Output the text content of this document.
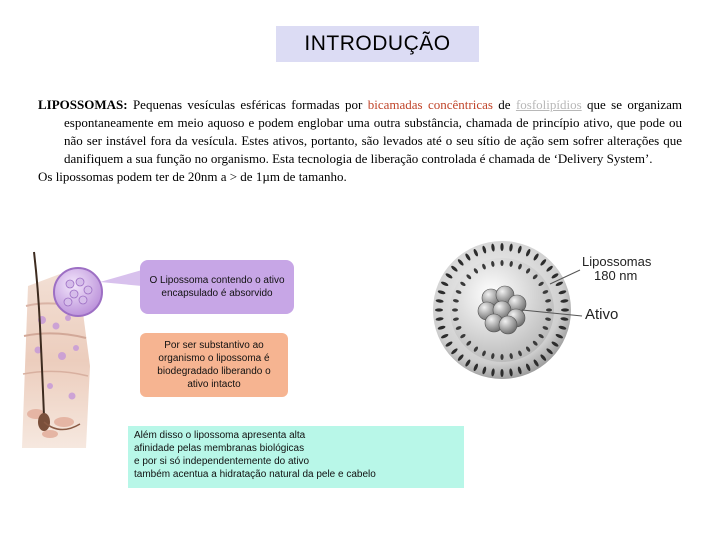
INTRODUÇÃO

LIPOSSOMAS: Pequenas vesículas esféricas formadas por bicamadas concêntricas de fosfolipídios que se organizam espontaneamente em meio aquoso e podem englobar uma outra substância, chamada de princípio ativo, que pode ou não ser instável fora da vesícula. Estes ativos, portanto, são levados até o seu sítio de ação sem sofrer alterações que danifiquem a sua função no organismo. Esta tecnologia de liberação controlada é chamada de ‘Delivery System’.

Os lipossomas podem ter de 20nm a > de 1µm de tamanho.

Lipossomas
180 nm
Ativo
O Lipossoma contendo o ativo encapsulado é absorvido
Por ser substantivo ao organismo o lipossoma é biodegradado liberando o ativo intacto
Além disso o lipossoma apresenta alta
afinidade pelas membranas biológicas
e por si só independentemente do ativo
também acentua a hidratação natural da pele e cabelo
